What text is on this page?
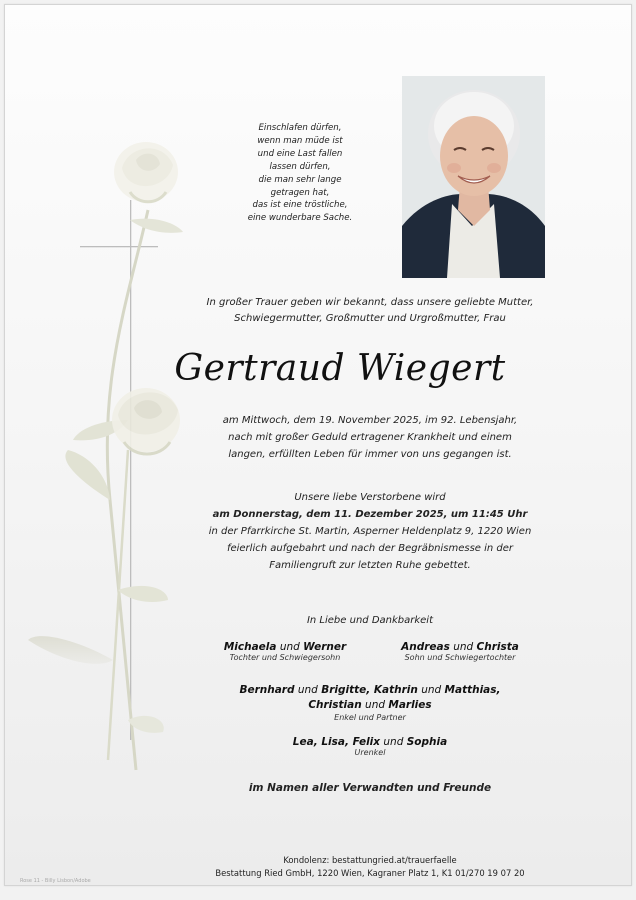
Einschlafen dürfen,
wenn man müde ist
und eine Last fallen
lassen dürfen,
die man sehr lange
getragen hat,
das ist eine tröstliche,
eine wunderbare Sache.
In großer Trauer geben wir bekannt, dass unsere geliebte Mutter,
Schwiegermutter, Großmutter und Urgroßmutter, Frau
Gertraud Wiegert
am Mittwoch, dem 19. November 2025, im 92. Lebensjahr,
nach mit großer Geduld ertragener Krankheit und einem
langen, erfüllten Leben für immer von uns gegangen ist.
Unsere liebe Verstorbene wird
am Donnerstag, dem 11. Dezember 2025, um 11:45 Uhr
in der Pfarrkirche St. Martin, Asperner Heldenplatz 9, 1220 Wien
feierlich aufgebahrt und nach der Begräbnismesse in der
Familiengruft zur letzten Ruhe gebettet.
In Liebe und Dankbarkeit
Michaela und Werner
Tochter und Schwiegersohn
Andreas und Christa
Sohn und Schwiegertochter
Bernhard und Brigitte, Kathrin und Matthias,
Christian und Marlies
Enkel und Partner
Lea, Lisa, Felix und Sophia
Urenkel
im Namen aller Verwandten und Freunde
Kondolenz: bestattungried.at/trauerfaelle
Bestattung Ried GmbH, 1220 Wien, Kagraner Platz 1, K1 01/270 19 07 20
Rose 11 - Billy Lisbon/Adobe
